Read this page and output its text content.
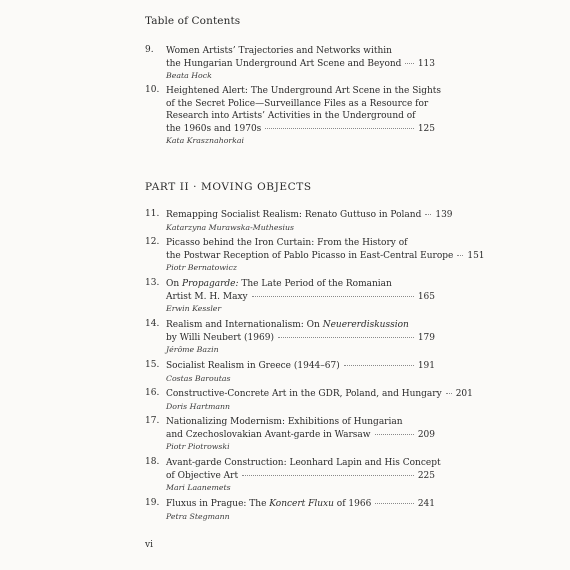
Table of Contents
9.	Women Artists’ Trajectories and Networks within
the Hungarian Underground Art Scene and Beyond 113
Beata Hock
10. Heightened Alert: The Underground Art Scene in the Sights
of the Secret Police—Surveillance Files as a Resource for
Research into Artists’ Activities in the Underground of
the 1960s and 1970s	125
Kata Krasznahorkai
PART II · MOVING OBJECTS
11. Remapping Socialist Realism: Renato Guttuso in Poland 139
Katarzyna Murawska-Muthesius
12. Picasso behind the Iron Curtain: From the History of
the Postwar Reception of Pablo Picasso in East-Central Europe 151
Piotr Bernatowicz
13. On Propagarde: The Late Period of the Romanian
Artist M. H. Maxy	165
Erwin Kessler
14. Realism and Internationalism: On Neuererdiskussion
by Willi Neubert (1969)	179
Jérôme Bazin
15. Socialist Realism in Greece (1944–67)	191
Costas Baroutas
16. Constructive-Concrete Art in the GDR, Poland, and Hungary 201
Doris Hartmann
17. Nationalizing Modernism: Exhibitions of Hungarian
and Czechoslovakian Avant-garde in Warsaw	209
Piotr Piotrowski
18. Avant-garde Construction: Leonhard Lapin and His Concept
of Objective Art	225
Mari Laanemets
19. Fluxus in Prague: The Koncert Fluxu of 1966	241
Petra Stegmann
vi
